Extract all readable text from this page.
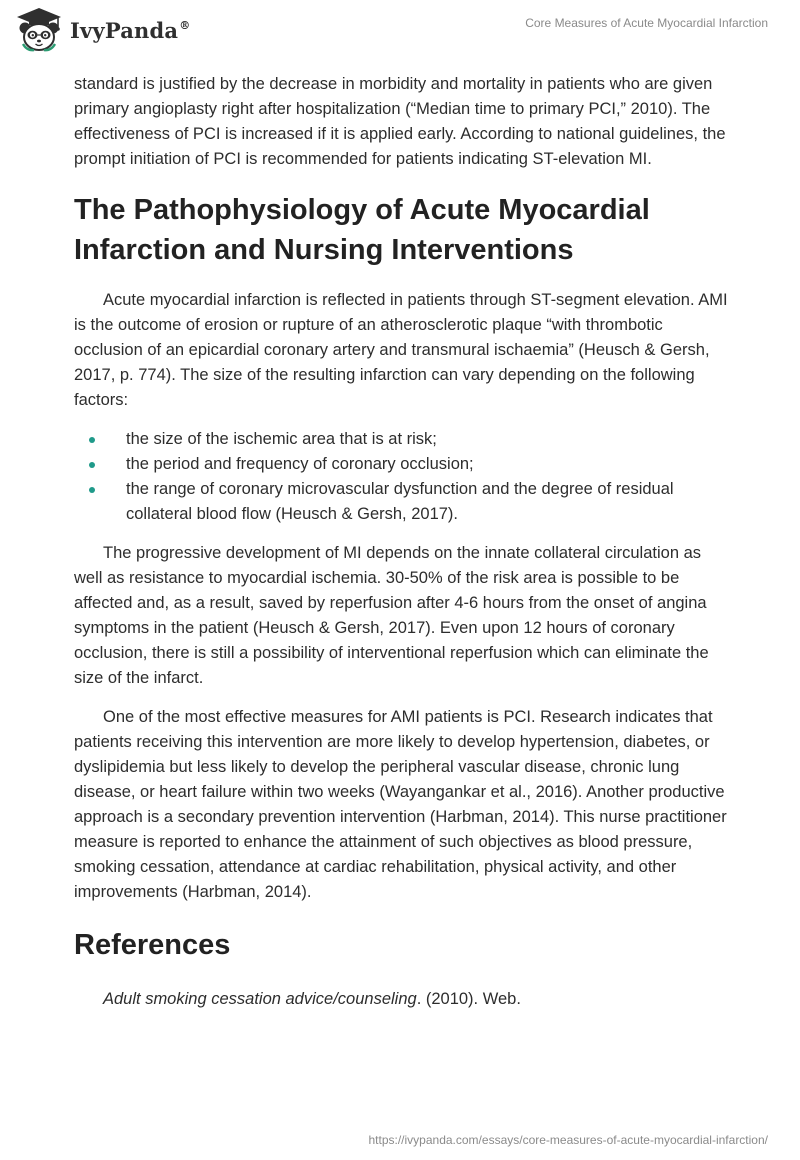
IvyPanda®	Core Measures of Acute Myocardial Infarction

standard is justified by the decrease in morbidity and mortality in patients who are given primary angioplasty right after hospitalization (“Median time to primary PCI,” 2010). The effectiveness of PCI is increased if it is applied early. According to national guidelines, the prompt initiation of PCI is recommended for patients indicating ST-elevation MI.

The Pathophysiology of Acute Myocardial Infarction and Nursing Interventions

Acute myocardial infarction is reflected in patients through ST-segment elevation. AMI is the outcome of erosion or rupture of an atherosclerotic plaque “with thrombotic occlusion of an epicardial coronary artery and transmural ischaemia” (Heusch & Gersh, 2017, p. 774). The size of the resulting infarction can vary depending on the following factors:

the size of the ischemic area that is at risk;
the period and frequency of coronary occlusion;
the range of coronary microvascular dysfunction and the degree of residual collateral blood flow (Heusch & Gersh, 2017).

The progressive development of MI depends on the innate collateral circulation as well as resistance to myocardial ischemia. 30-50% of the risk area is possible to be affected and, as a result, saved by reperfusion after 4-6 hours from the onset of angina symptoms in the patient (Heusch & Gersh, 2017). Even upon 12 hours of coronary occlusion, there is still a possibility of interventional reperfusion which can eliminate the size of the infarct.

One of the most effective measures for AMI patients is PCI. Research indicates that patients receiving this intervention are more likely to develop hypertension, diabetes, or dyslipidemia but less likely to develop the peripheral vascular disease, chronic lung disease, or heart failure within two weeks (Wayangankar et al., 2016). Another productive approach is a secondary prevention intervention (Harbman, 2014). This nurse practitioner measure is reported to enhance the attainment of such objectives as blood pressure, smoking cessation, attendance at cardiac rehabilitation, physical activity, and other improvements (Harbman, 2014).

References
Adult smoking cessation advice/counseling. (2010). Web.
https://ivypanda.com/essays/core-measures-of-acute-myocardial-infarction/
